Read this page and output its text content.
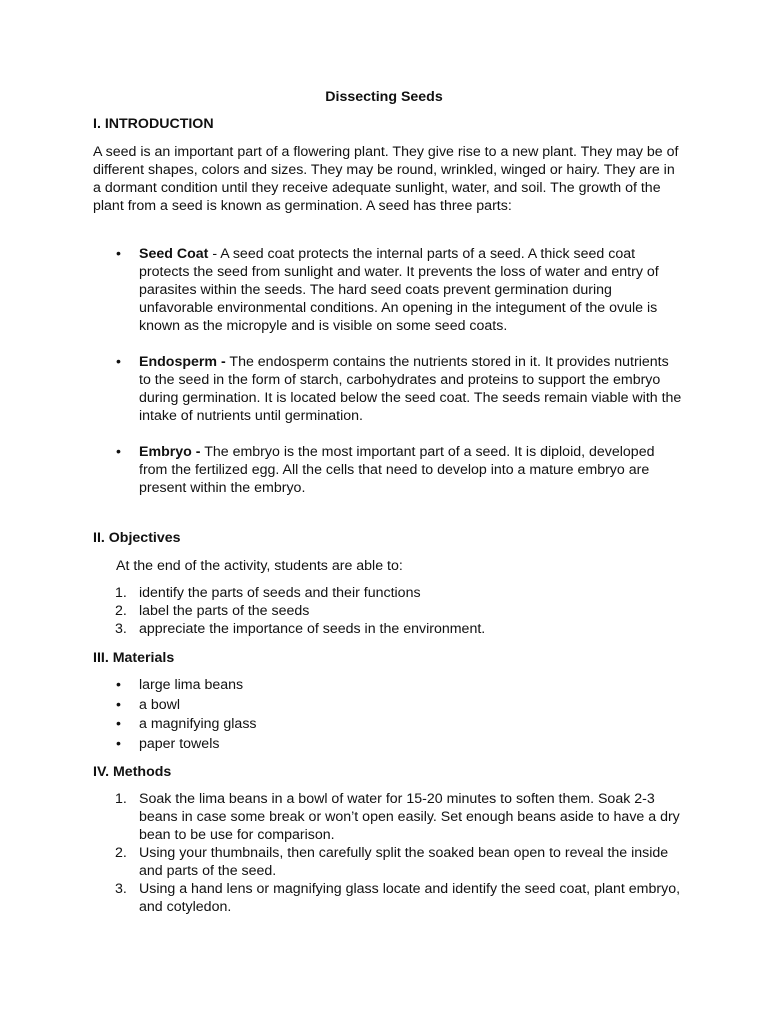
Dissecting Seeds
I. INTRODUCTION

A seed is an important part of a flowering plant. They give rise to a new plant. They may be of different shapes, colors and sizes. They may be round, wrinkled, winged or hairy. They are in a dormant condition until they receive adequate sunlight, water, and soil. The growth of the plant from a seed is known as germination. A seed has three parts:

• Seed Coat - A seed coat protects the internal parts of a seed. A thick seed coat protects the seed from sunlight and water. It prevents the loss of water and entry of parasites within the seeds. The hard seed coats prevent germination during unfavorable environmental conditions. An opening in the integument of the ovule is known as the micropyle and is visible on some seed coats.
• Endosperm - The endosperm contains the nutrients stored in it. It provides nutrients to the seed in the form of starch, carbohydrates and proteins to support the embryo during germination. It is located below the seed coat. The seeds remain viable with the intake of nutrients until germination.
• Embryo - The embryo is the most important part of a seed. It is diploid, developed from the fertilized egg. All the cells that need to develop into a mature embryo are present within the embryo.
II. Objectives

At the end of the activity, students are able to:

1. identify the parts of seeds and their functions
2. label the parts of the seeds
3. appreciate the importance of seeds in the environment.
III. Materials
• large lima beans
• a bowl
• a magnifying glass
• paper towels
IV. Methods
1. Soak the lima beans in a bowl of water for 15-20 minutes to soften them. Soak 2-3 beans in case some break or won’t open easily. Set enough beans aside to have a dry bean to be use for comparison.
2. Using your thumbnails, then carefully split the soaked bean open to reveal the inside and parts of the seed.
3. Using a hand lens or magnifying glass locate and identify the seed coat, plant embryo, and cotyledon.
